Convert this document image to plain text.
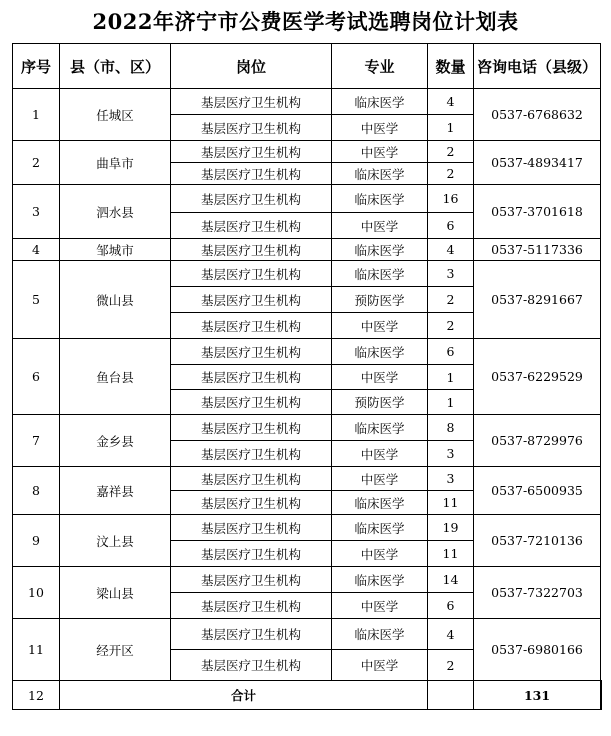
2022年济宁市公费医学考试选聘岗位计划表
序号	县（市、区）	岗位	专业	数量	咨询电话（县级）	
1	任城区	基层医疗卫生机构	临床医学	4	0537-6768632	
		基层医疗卫生机构	中医学	1		
2	曲阜市	基层医疗卫生机构	中医学	2	0537-4893417	
		基层医疗卫生机构	临床医学	2		
3	泗水县	基层医疗卫生机构	临床医学	16	0537-3701618	
		基层医疗卫生机构	中医学	6		
4	邹城市	基层医疗卫生机构	临床医学	4	0537-5117336	
5	微山县	基层医疗卫生机构	临床医学	3	0537-8291667	
		基层医疗卫生机构	预防医学	2		
		基层医疗卫生机构	中医学	2		
6	鱼台县	基层医疗卫生机构	临床医学	6	0537-6229529	
		基层医疗卫生机构	中医学	1		
		基层医疗卫生机构	预防医学	1		
7	金乡县	基层医疗卫生机构	临床医学	8	0537-8729976	
		基层医疗卫生机构	中医学	3		
8	嘉祥县	基层医疗卫生机构	中医学	3	0537-6500935	
		基层医疗卫生机构	临床医学	11		
9	汶上县	基层医疗卫生机构	临床医学	19	0537-7210136	
		基层医疗卫生机构	中医学	11		
10	梁山县	基层医疗卫生机构	临床医学	14	0537-7322703	
		基层医疗卫生机构	中医学	6		
11	经开区	基层医疗卫生机构	临床医学	4	0537-6980166	
		基层医疗卫生机构	中医学	2		
12	合计				131	
